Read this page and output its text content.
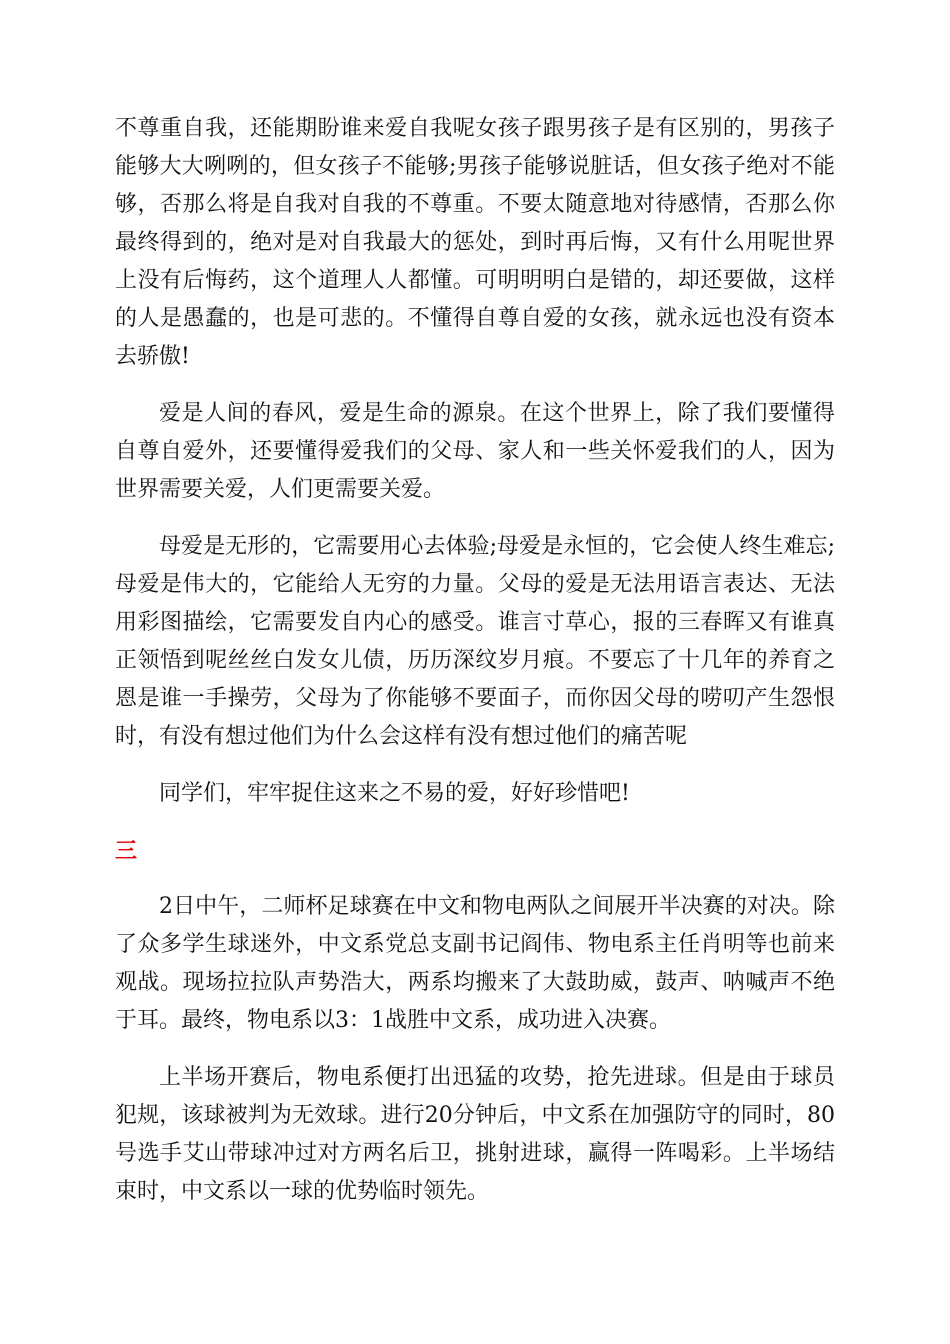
不尊重自我，还能期盼谁来爱自我呢女孩子跟男孩子是有区别的，男孩子能够大大咧咧的，但女孩子不能够;男孩子能够说脏话，但女孩子绝对不能够，否那么将是自我对自我的不尊重。不要太随意地对待感情，否那么你最终得到的，绝对是对自我最大的惩处，到时再后悔，又有什么用呢世界上没有后悔药，这个道理人人都懂。可明明明白是错的，却还要做，这样的人是愚蠢的，也是可悲的。不懂得自尊自爱的女孩，就永远也没有资本去骄傲!

爱是人间的春风，爱是生命的源泉。在这个世界上，除了我们要懂得自尊自爱外，还要懂得爱我们的父母、家人和一些关怀爱我们的人，因为世界需要关爱，人们更需要关爱。

母爱是无形的，它需要用心去体验;母爱是永恒的，它会使人终生难忘;母爱是伟大的，它能给人无穷的力量。父母的爱是无法用语言表达、无法用彩图描绘，它需要发自内心的感受。谁言寸草心，报的三春晖又有谁真正领悟到呢丝丝白发女儿债，历历深纹岁月痕。不要忘了十几年的养育之恩是谁一手操劳，父母为了你能够不要面子，而你因父母的唠叨产生怨恨时，有没有想过他们为什么会这样有没有想过他们的痛苦呢

同学们，牢牢捉住这来之不易的爱，好好珍惜吧!

三

2日中午，二师杯足球赛在中文和物电两队之间展开半决赛的对决。除了众多学生球迷外，中文系党总支副书记阎伟、物电系主任肖明等也前来观战。现场拉拉队声势浩大，两系均搬来了大鼓助威，鼓声、呐喊声不绝于耳。最终，物电系以3：1战胜中文系，成功进入决赛。

上半场开赛后，物电系便打出迅猛的攻势，抢先进球。但是由于球员犯规，该球被判为无效球。进行20分钟后，中文系在加强防守的同时，80号选手艾山带球冲过对方两名后卫，挑射进球，赢得一阵喝彩。上半场结束时，中文系以一球的优势临时领先。
